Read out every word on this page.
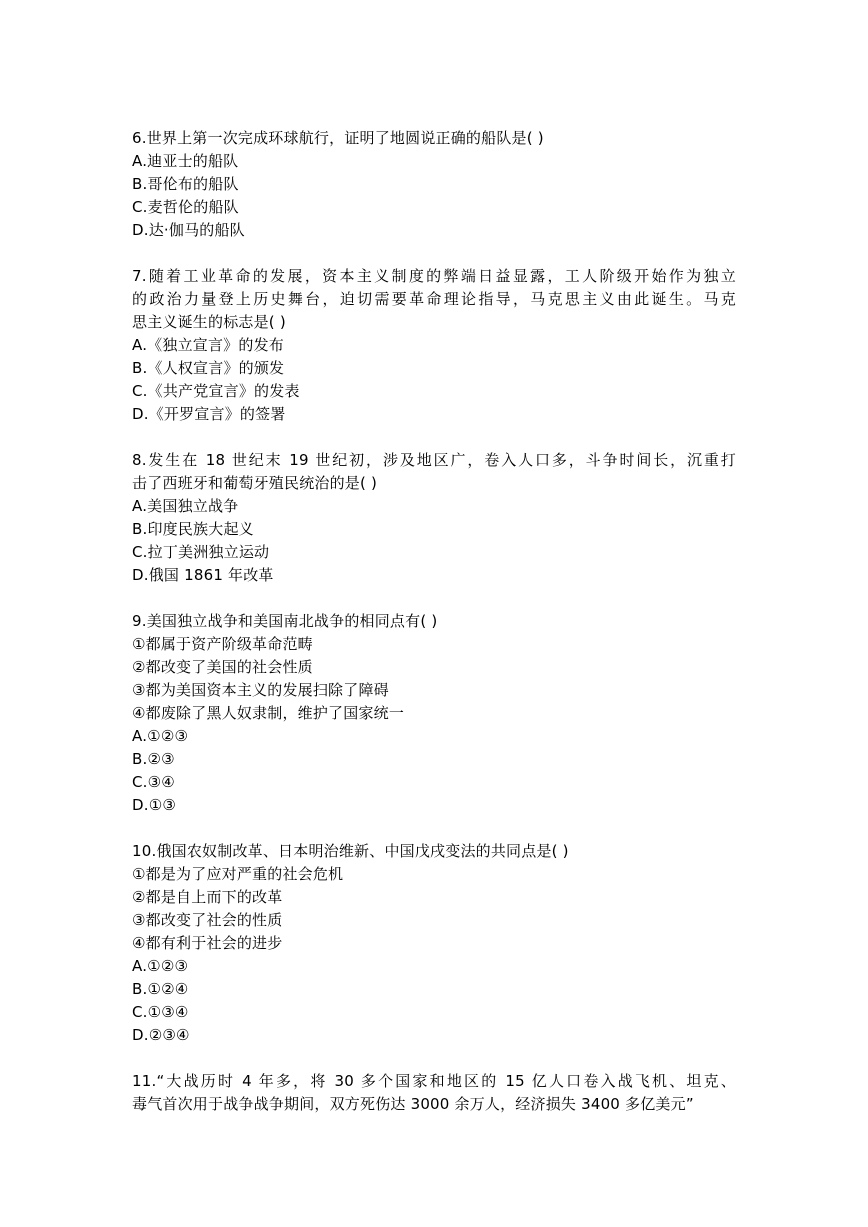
6.世界上第一次完成环球航行，证明了地圆说正确的船队是( )
A.迪亚士的船队
B.哥伦布的船队
C.麦哲伦的船队
D.达·伽马的船队
7.随着工业革命的发展，资本主义制度的弊端日益显露，工人阶级开始作为独立
的政治力量登上历史舞台，迫切需要革命理论指导，马克思主义由此诞生。马克
思主义诞生的标志是( )
A.《独立宣言》的发布
B.《人权宣言》的颁发
C.《共产党宣言》的发表
D.《开罗宣言》的签署
8.发生在 18 世纪末 19 世纪初，涉及地区广，卷入人口多，斗争时间长，沉重打
击了西班牙和葡萄牙殖民统治的是( )
A.美国独立战争
B.印度民族大起义
C.拉丁美洲独立运动
D.俄国 1861 年改革
9.美国独立战争和美国南北战争的相同点有( )
①都属于资产阶级革命范畴
②都改变了美国的社会性质
③都为美国资本主义的发展扫除了障碍
④都废除了黑人奴隶制，维护了国家统一
A.①②③
B.②③
C.③④
D.①③
10.俄国农奴制改革、日本明治维新、中国戊戌变法的共同点是( )
①都是为了应对严重的社会危机
②都是自上而下的改革
③都改变了社会的性质
④都有利于社会的进步
A.①②③
B.①②④
C.①③④
D.②③④
11.“大战历时 4 年多，将 30 多个国家和地区的 15 亿人口卷入战飞机、坦克、
毒气首次用于战争战争期间，双方死伤达 3000 余万人，经济损失 3400 多亿美元”
